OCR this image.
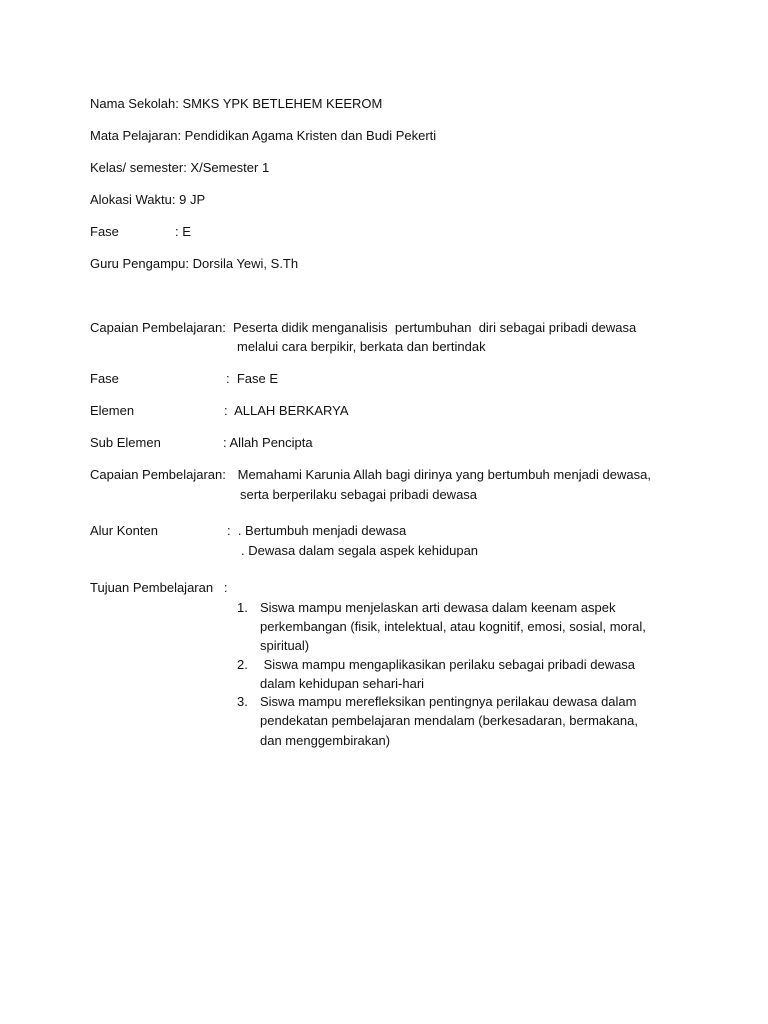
Nama Sekolah: SMKS YPK BETLEHEM KEEROM
Mata Pelajaran: Pendidikan Agama Kristen dan Budi Pekerti
Kelas/ semester: X/Semester 1
Alokasi Waktu: 9 JP
Fase	: E
Guru Pengampu: Dorsila Yewi, S.Th
Capaian Pembelajaran: Peserta didik menganalisis  pertumbuhan  diri sebagai pribadi dewasa
melalui cara berpikir, berkata dan bertindak
Fase	:  Fase E
Elemen	:  ALLAH BERKARYA
Sub Elemen	: Allah Pencipta
Capaian Pembelajaran: Memahami Karunia Allah bagi dirinya yang bertumbuh menjadi dewasa,
serta berperilaku sebagai pribadi dewasa
Alur Konten	:  . Bertumbuh menjadi dewasa
. Dewasa dalam segala aspek kehidupan
Tujuan Pembelajaran   :
1. Siswa mampu menjelaskan arti dewasa dalam keenam aspek
perkembangan (fisik, intelektual, atau kognitif, emosi, sosial, moral,
spiritual)
2. Siswa mampu mengaplikasikan perilaku sebagai pribadi dewasa
dalam kehidupan sehari-hari
3. Siswa mampu merefleksikan pentingnya perilakau dewasa dalam
pendekatan pembelajaran mendalam (berkesadaran, bermakana,
dan menggembirakan)
